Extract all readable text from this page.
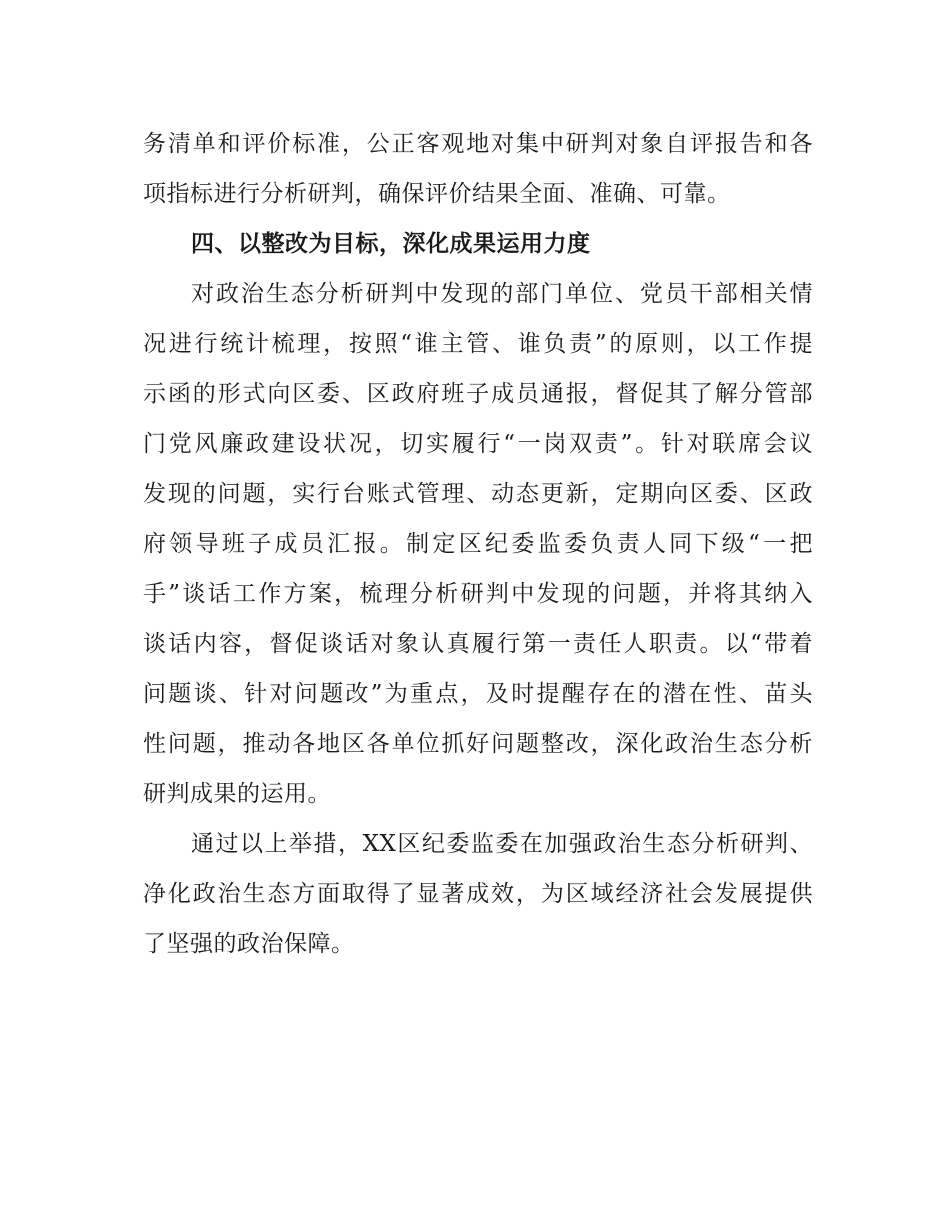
务清单和评价标准，公正客观地对集中研判对象自评报告和各
项指标进行分析研判，确保评价结果全面、准确、可靠。
四、以整改为目标，深化成果运用力度
对政治生态分析研判中发现的部门单位、党员干部相关情
况进行统计梳理，按照“谁主管、谁负责”的原则，以工作提
示函的形式向区委、区政府班子成员通报，督促其了解分管部
门党风廉政建设状况，切实履行“一岗双责”。针对联席会议
发现的问题，实行台账式管理、动态更新，定期向区委、区政
府领导班子成员汇报。制定区纪委监委负责人同下级“一把
手”谈话工作方案，梳理分析研判中发现的问题，并将其纳入
谈话内容，督促谈话对象认真履行第一责任人职责。以“带着
问题谈、针对问题改”为重点，及时提醒存在的潜在性、苗头
性问题，推动各地区各单位抓好问题整改，深化政治生态分析
研判成果的运用。
通过以上举措，XX区纪委监委在加强政治生态分析研判、
净化政治生态方面取得了显著成效，为区域经济社会发展提供
了坚强的政治保障。
